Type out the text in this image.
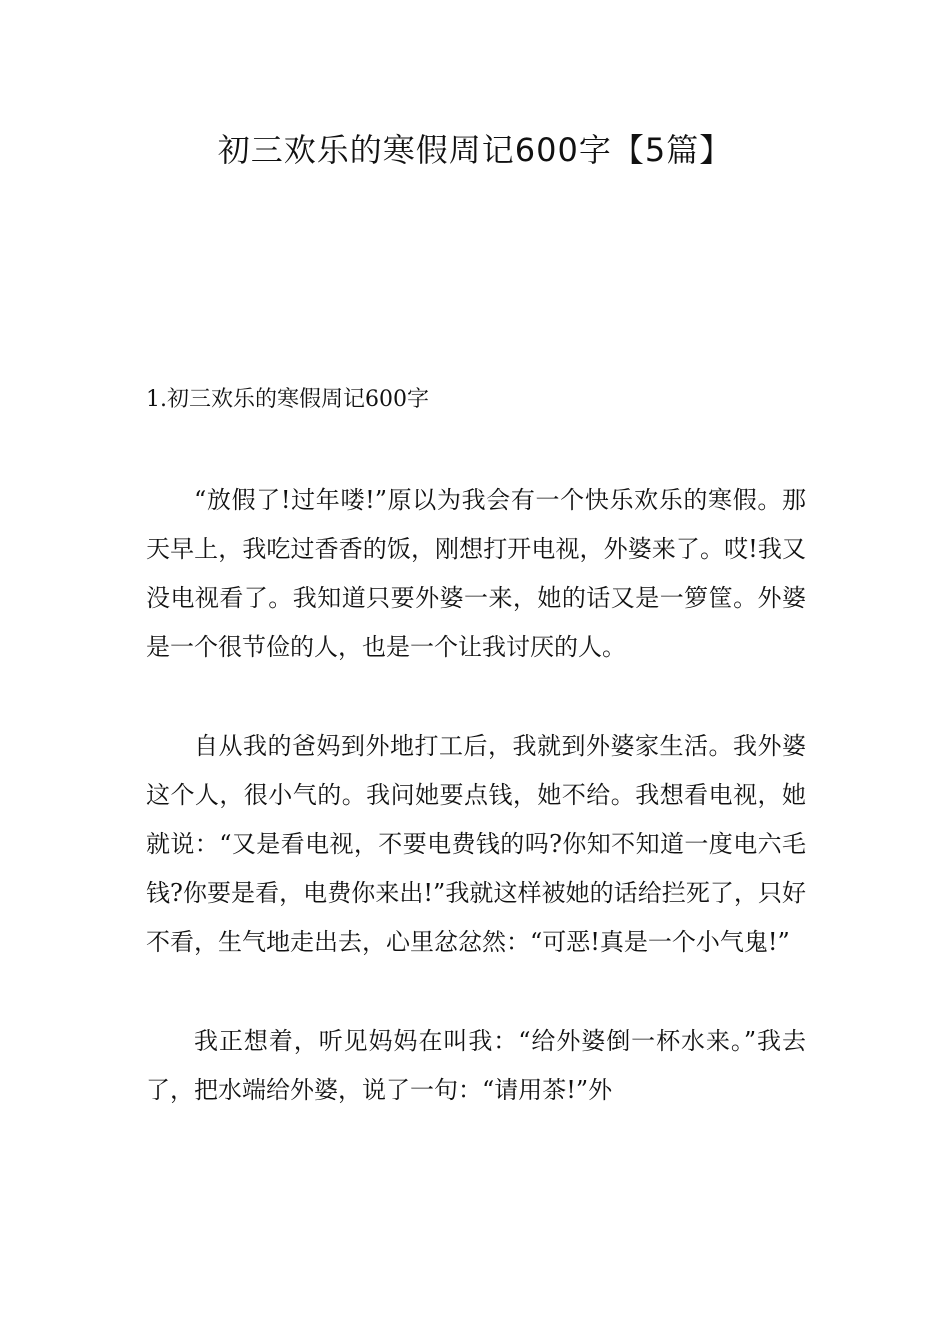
初三欢乐的寒假周记600字【5篇】
1.初三欢乐的寒假周记600字

“放假了!过年喽!”原以为我会有一个快乐欢乐的寒假。那天早上，我吃过香香的饭，刚想打开电视，外婆来了。哎!我又没电视看了。我知道只要外婆一来，她的话又是一箩筐。外婆是一个很节俭的人，也是一个让我讨厌的人。

自从我的爸妈到外地打工后，我就到外婆家生活。我外婆这个人，很小气的。我问她要点钱，她不给。我想看电视，她就说：“又是看电视，不要电费钱的吗?你知不知道一度电六毛钱?你要是看，电费你来出!”我就这样被她的话给拦死了，只好不看，生气地走出去，心里忿忿然：“可恶!真是一个小气鬼!”

我正想着，听见妈妈在叫我：“给外婆倒一杯水来。”我去了，把水端给外婆，说了一句：“请用茶!”外
